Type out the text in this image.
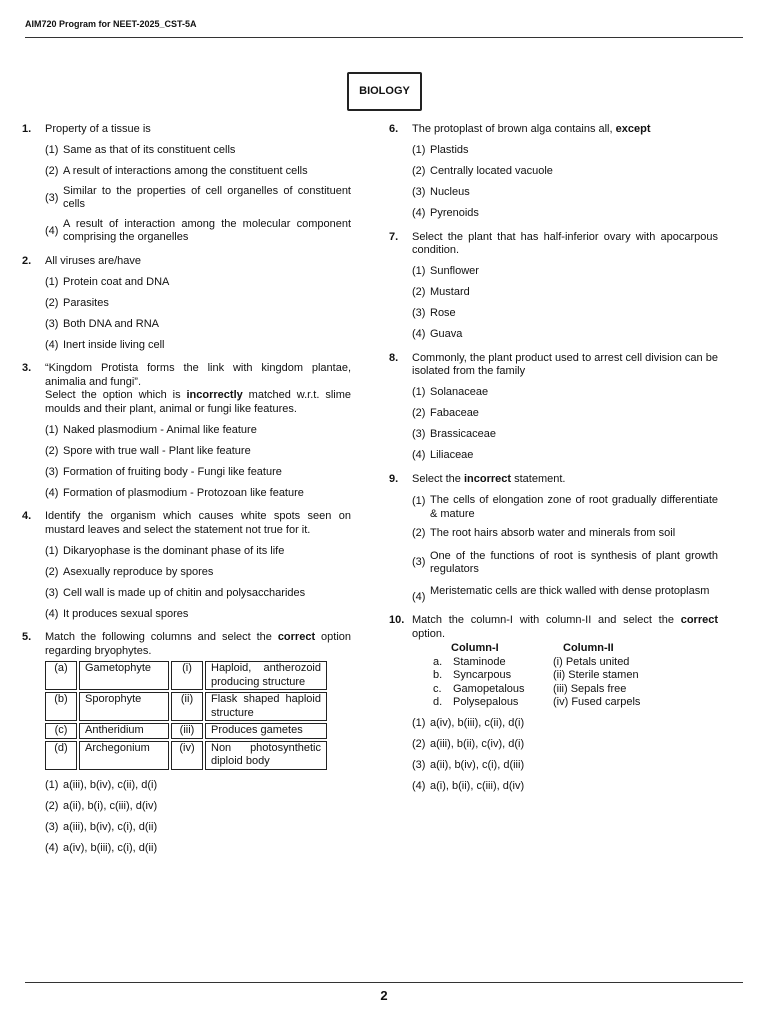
AIM720 Program for NEET-2025_CST-5A
BIOLOGY
1.	Property of a tissue is
(1) Same as that of its constituent cells
(2) A result of interactions among the constituent cells
(3)
Similar to the properties of cell organelles of constituent cells
(4)
A result of interaction among the molecular component comprising the organelles
2.	All viruses are/have
(1) Protein coat and DNA
(2) Parasites
(3) Both DNA and RNA
(4) Inert inside living cell
3.	“Kingdom Protista forms the link with kingdom plantae, animalia and fungi”.
Select the option which is incorrectly matched w.r.t. slime moulds and their plant, animal or fungi like features.
(1) Naked plasmodium - Animal like feature
(2) Spore with true wall - Plant like feature
(3) Formation of fruiting body - Fungi like feature
(4) Formation of plasmodium - Protozoan like feature
4.	Identify the organism which causes white spots seen on mustard leaves and select the statement not true for it.
(1) Dikaryophase is the dominant phase of its life
(2) Asexually reproduce by spores
(3) Cell wall is made up of chitin and polysaccharides
(4) It produces sexual spores
5.	Match the following columns and select the correct option regarding bryophytes.
(a)	Gametophyte	(i)	Haploid, antherozoid producing structure
(b)	Sporophyte	(ii)	Flask shaped haploid structure
(c)	Antheridium	(iii)	Produces gametes
(d)	Archegonium	(iv)	Non photosynthetic diploid body
(1) a(iii), b(iv), c(ii), d(i)
(2) a(ii), b(i), c(iii), d(iv)
(3) a(iii), b(iv), c(i), d(ii)
(4) a(iv), b(iii), c(i), d(ii)
6.	The protoplast of brown alga contains all, except
(1) Plastids
(2) Centrally located vacuole
(3) Nucleus
(4) Pyrenoids
7.	Select the plant that has half-inferior ovary with apocarpous condition.
(1) Sunflower
(2) Mustard
(3) Rose
(4) Guava
8.	Commonly, the plant product used to arrest cell division can be isolated from the family
(1) Solanaceae
(2) Fabaceae
(3) Brassicaceae
(4) Liliaceae
9.	Select the incorrect statement.
(1) The cells of elongation zone of root gradually differentiate & mature
(2) The root hairs absorb water and minerals from soil
(3) One of the functions of root is synthesis of plant growth regulators
(4) Meristematic cells are thick walled with dense protoplasm
10. Match the column-I with column-II and select the correct option.
Column-I	Column-II
a. Staminode	(i) Petals united
b. Syncarpous	(ii) Sterile stamen
c.	Gamopetalous	(iii) Sepals free
d. Polysepalous	(iv) Fused carpels
(1) a(iv), b(iii), c(ii), d(i)
(2) a(iii), b(ii), c(iv), d(i)
(3) a(ii), b(iv), c(i), d(iii)
(4) a(i), b(ii), c(iii), d(iv)
2
